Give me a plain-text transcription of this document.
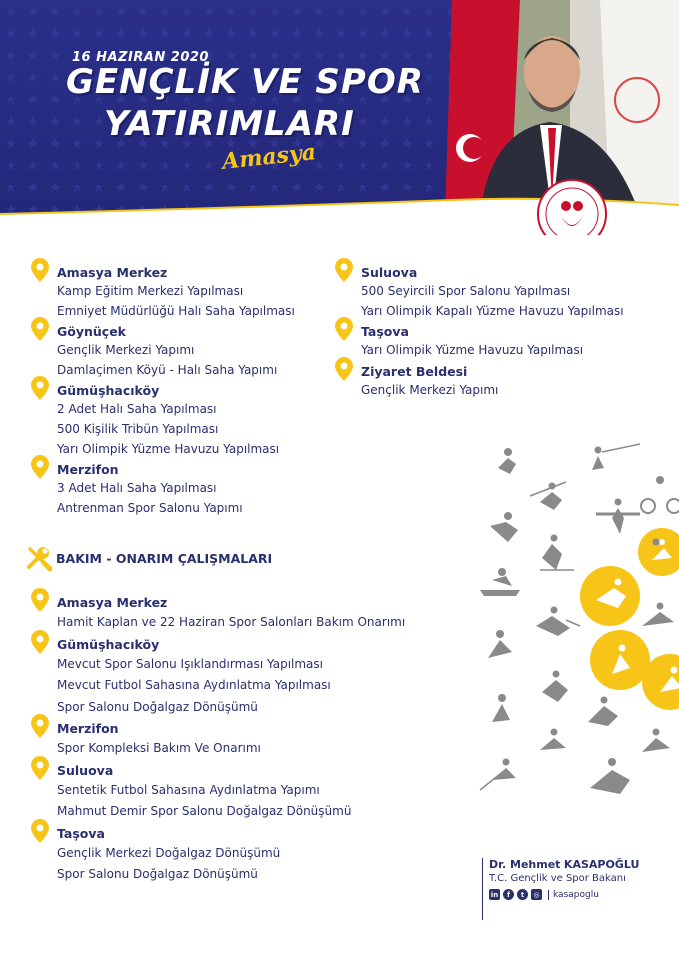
16 HAZIRAN 2020
GENÇLİK VE SPOR
YATIRIMLARI
Amasya
Amasya Merkez
Kamp Eğitim Merkezi Yapılması
Emniyet Müdürlüğü Halı Saha Yapılması
Göynüçek
Gençlik Merkezi Yapımı
Damlaçimen Köyü - Halı Saha Yapımı
Gümüşhacıköy
2 Adet Halı Saha Yapılması
500 Kişilik Tribün Yapılması
Yarı Olimpik Yüzme Havuzu Yapılması
Merzifon
3 Adet Halı Saha Yapılması
Antrenman Spor Salonu Yapımı
Suluova
500 Seyircili Spor Salonu Yapılması
Yarı Olimpik Kapalı Yüzme Havuzu Yapılması
Taşova
Yarı Olimpik Yüzme Havuzu Yapılması
Ziyaret Beldesi
Gençlik Merkezi Yapımı
BAKIM - ONARIM ÇALIŞMALARI
Amasya Merkez
Hamit Kaplan ve 22 Haziran Spor Salonları Bakım Onarımı
Gümüşhacıköy
Mevcut Spor Salonu Işıklandırması Yapılması
Mevcut Futbol Sahasına Aydınlatma Yapılması
Spor Salonu Doğalgaz Dönüşümü
Merzifon
Spor Kompleksi Bakım Ve Onarımı
Suluova
Sentetik Futbol Sahasına Aydınlatma Yapımı
Mahmut Demir Spor Salonu Doğalgaz Dönüşümü
Taşova
Gençlik Merkezi Doğalgaz Dönüşümü
Spor Salonu Doğalgaz Dönüşümü
Dr. Mehmet KASAPOĞLU
T.C. Gençlik ve Spor Bakanı
in	f	t	◎	kasapoglu
